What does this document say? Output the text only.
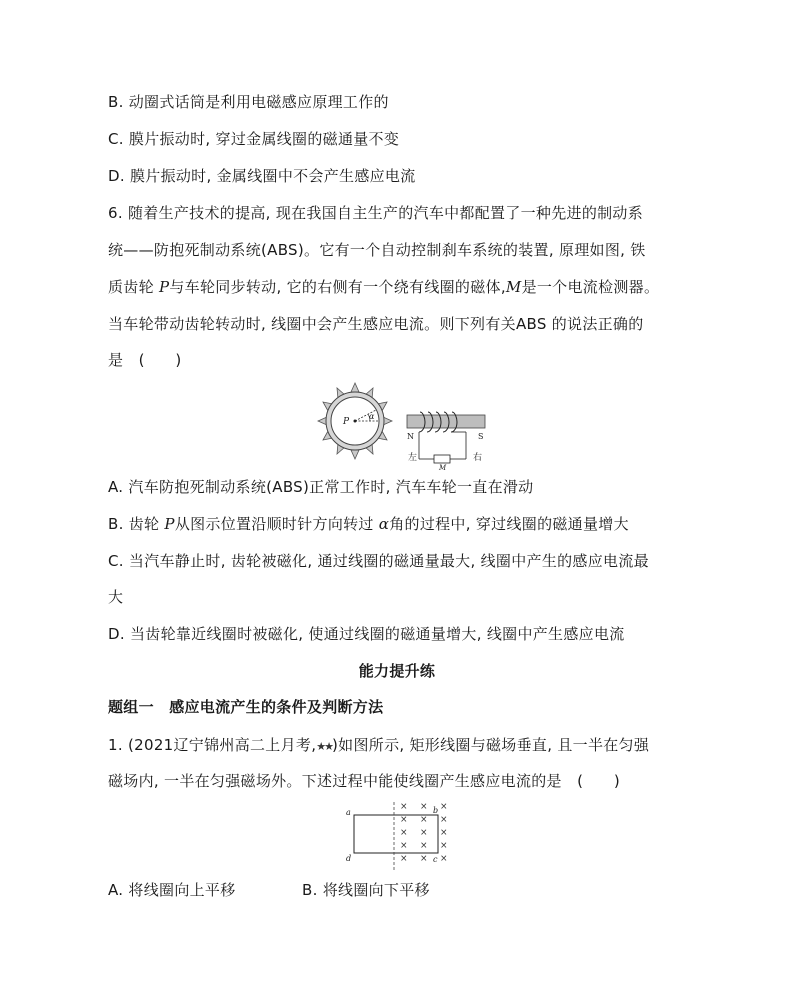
B. 动圈式话筒是利用电磁感应原理工作的
C. 膜片振动时, 穿过金属线圈的磁通量不变
D. 膜片振动时, 金属线圈中不会产生感应电流
6. 随着生产技术的提高, 现在我国自主生产的汽车中都配置了一种先进的制动系
统——防抱死制动系统(ABS)。它有一个自动控制刹车系统的装置, 原理如图, 铁
质齿轮 P与车轮同步转动, 它的右侧有一个绕有线圈的磁体,M是一个电流检测器。
当车轮带动齿轮转动时, 线圈中会产生感应电流。则下列有关ABS 的说法正确的
是　(　　)
P
α
N	S
M
左	右
A. 汽车防抱死制动系统(ABS)正常工作时, 汽车车轮一直在滑动
B. 齿轮 P从图示位置沿顺时针方向转过 α角的过程中, 穿过线圈的磁通量增大
C. 当汽车静止时, 齿轮被磁化, 通过线圈的磁通量最大, 线圈中产生的感应电流最
大
D. 当齿轮靠近线圈时被磁化, 使通过线圈的磁通量增大, 线圈中产生感应电流
能力提升练
题组一　感应电流产生的条件及判断方法
1. (2021辽宁锦州高二上月考,★★)如图所示, 矩形线圈与磁场垂直, 且一半在匀强
磁场内, 一半在匀强磁场外。下述过程中能使线圈产生感应电流的是　(　　)
× × ×
× × ×
× × ×
× × ×
× × ×
a	b
c
d
A. 将线圈向上平移	B. 将线圈向下平移
